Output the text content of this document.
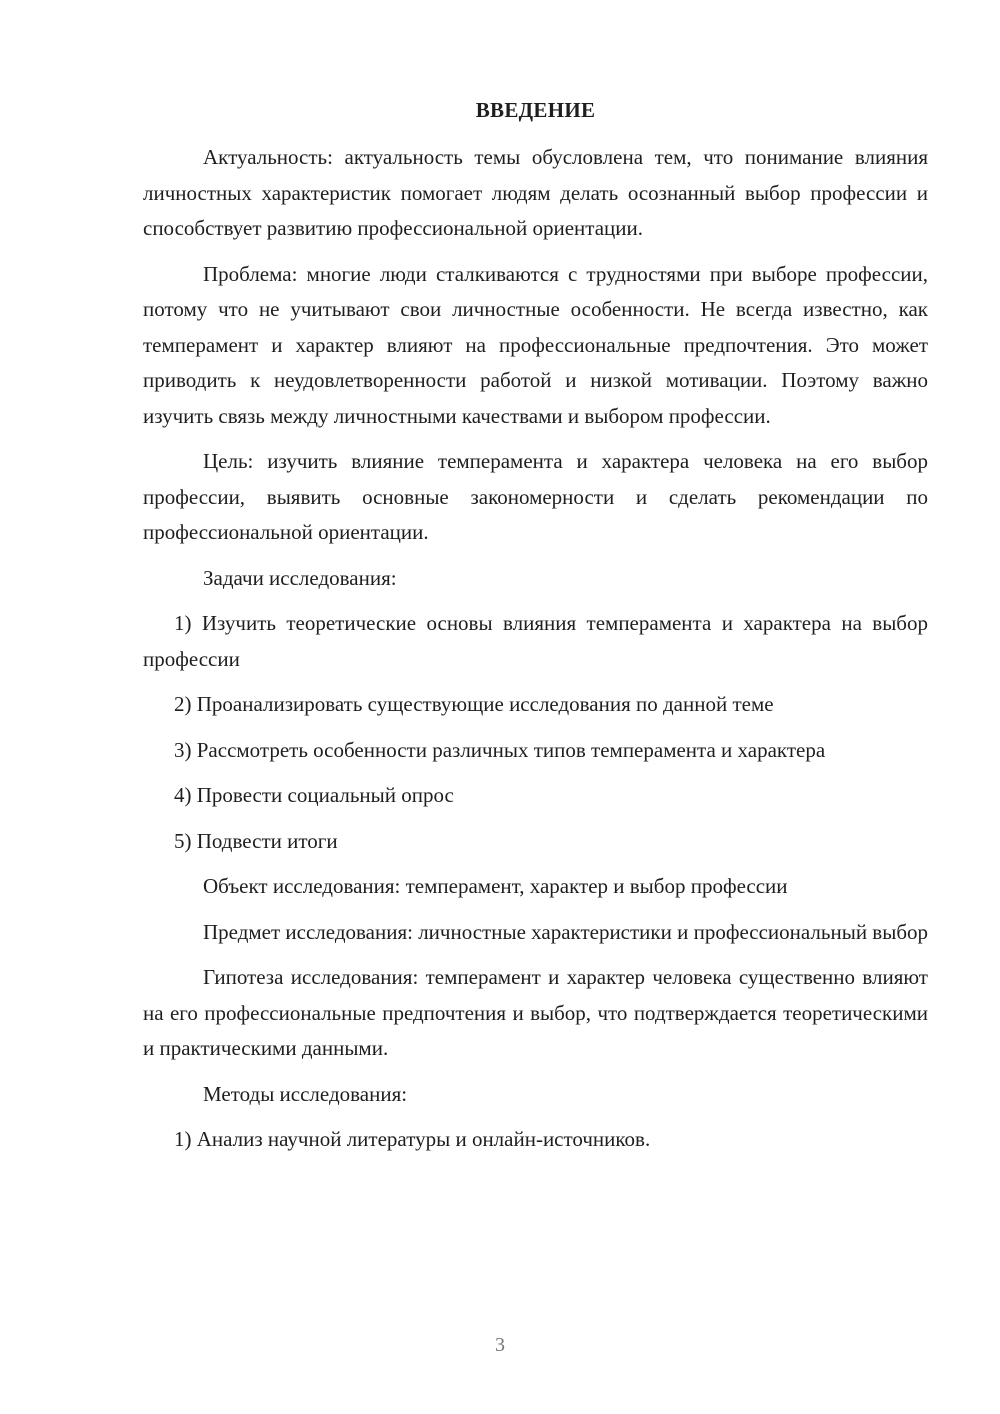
ВВЕДЕНИЕ

Актуальность: актуальность темы обусловлена тем, что понимание влияния личностных характеристик помогает людям делать осознанный выбор профессии и способствует развитию профессиональной ориентации.

Проблема: многие люди сталкиваются с трудностями при выборе профессии, потому что не учитывают свои личностные особенности. Не всегда известно, как темперамент и характер влияют на профессиональные предпочтения. Это может приводить к неудовлетворенности работой и низкой мотивации. Поэтому важно изучить связь между личностными качествами и выбором профессии.

Цель: изучить влияние темперамента и характера человека на его выбор профессии, выявить основные закономерности и сделать рекомендации по профессиональной ориентации.

Задачи исследования:

1) Изучить теоретические основы влияния темперамента и характера на выбор профессии

2) Проанализировать существующие исследования по данной теме

3) Рассмотреть особенности различных типов темперамента и характера

4) Провести социальный опрос

5) Подвести итоги

Объект исследования: темперамент, характер и выбор профессии

Предмет исследования: личностные характеристики и профессиональный выбор

Гипотеза исследования: темперамент и характер человека существенно влияют на его профессиональные предпочтения и выбор, что подтверждается теоретическими и практическими данными.

Методы исследования:

1) Анализ научной литературы и онлайн-источников.

3
